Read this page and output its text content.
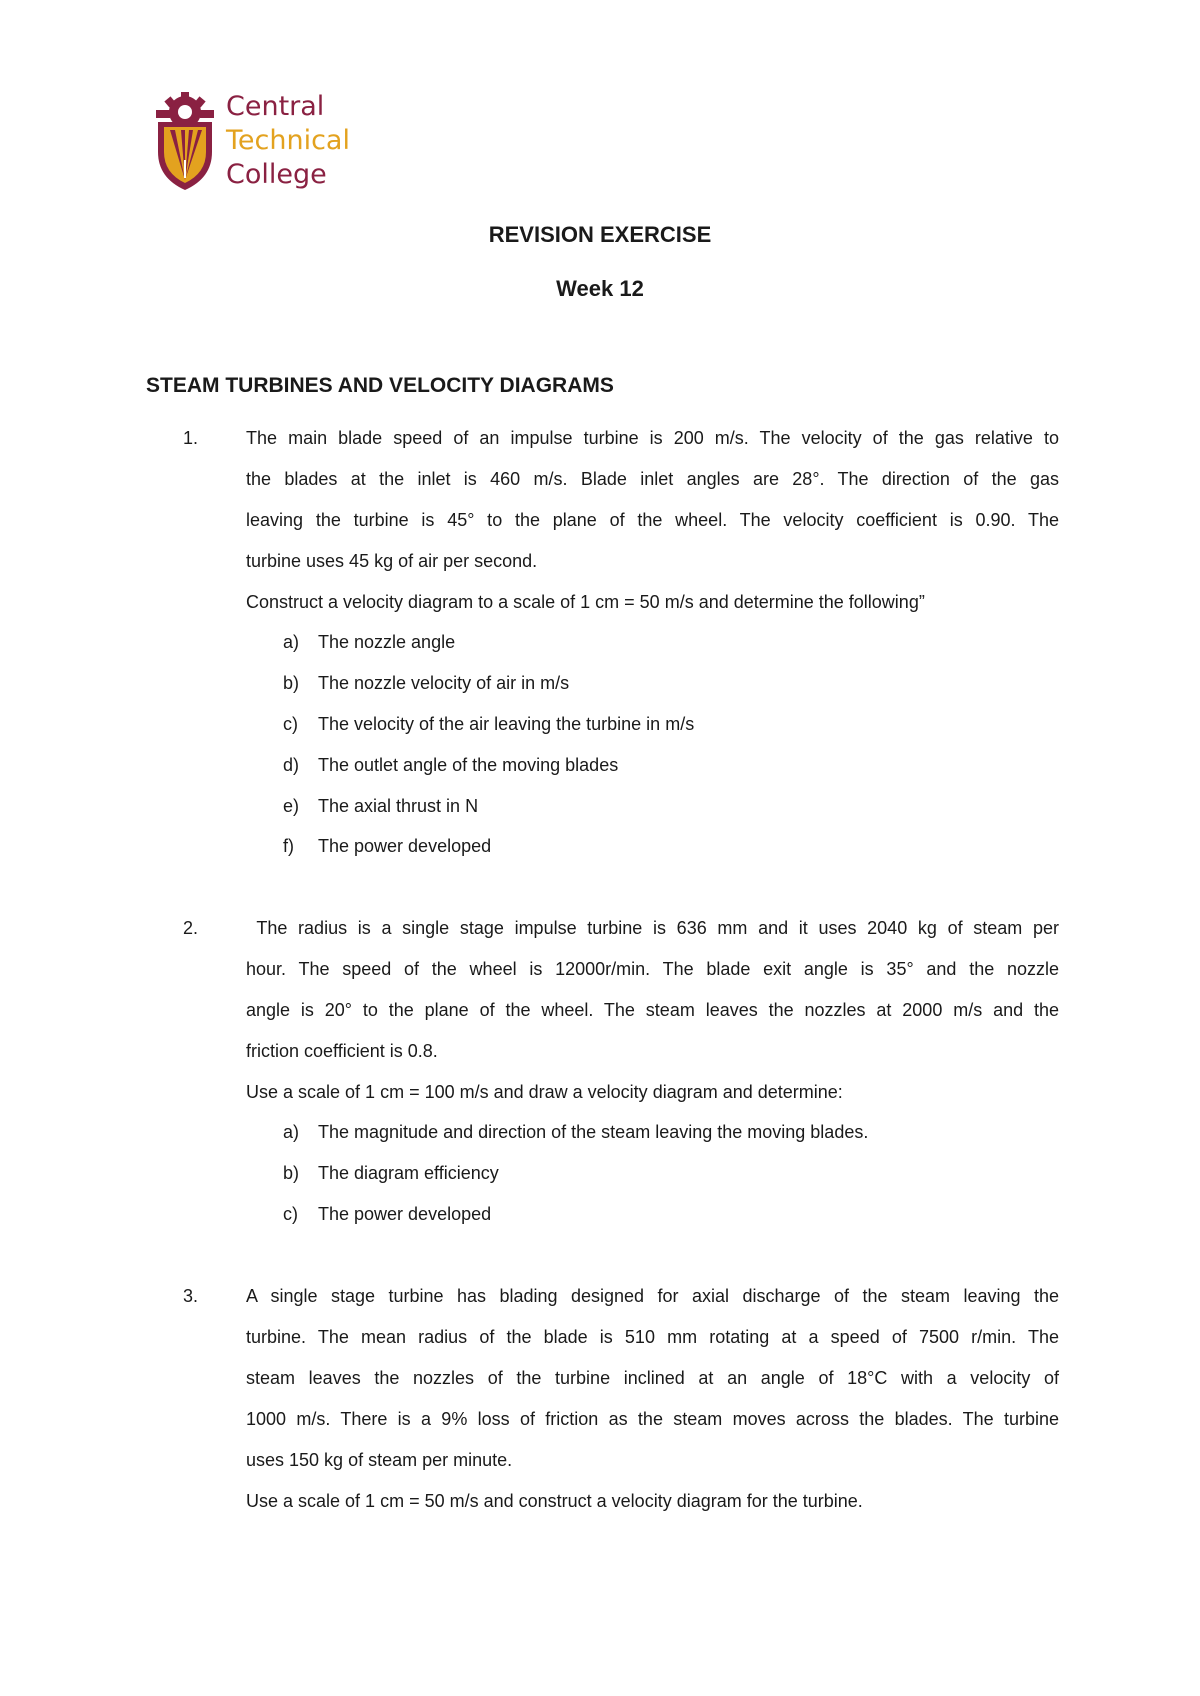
Central
Technical
College
REVISION EXERCISE
Week 12
STEAM TURBINES AND VELOCITY DIAGRAMS
1.	The main blade speed of an impulse turbine is 200 m/s. The velocity of the gas relative to
the blades at the inlet is 460 m/s. Blade inlet angles are 28°. The direction of the gas
leaving the turbine is 45° to the plane of the wheel. The velocity coefficient is 0.90. The
turbine uses 45 kg of air per second.
Construct a velocity diagram to a scale of 1 cm = 50 m/s and determine the following”
a) The nozzle angle
b) The nozzle velocity of air in m/s
c) The velocity of the air leaving the turbine in m/s
d) The outlet angle of the moving blades
e) The axial thrust in N
f) The power developed
2.	The radius is a single stage impulse turbine is 636 mm and it uses 2040 kg of steam per
hour. The speed of the wheel is 12000r/min. The blade exit angle is 35° and the nozzle
angle is 20° to the plane of the wheel. The steam leaves the nozzles at 2000 m/s and the
friction coefficient is 0.8.
Use a scale of 1 cm = 100 m/s and draw a velocity diagram and determine:
a) The magnitude and direction of the steam leaving the moving blades.
b) The diagram efficiency
c) The power developed
3.	A single stage turbine has blading designed for axial discharge of the steam leaving the
turbine. The mean radius of the blade is 510 mm rotating at a speed of 7500 r/min. The
steam leaves the nozzles of the turbine inclined at an angle of 18°C with a velocity of
1000 m/s. There is a 9% loss of friction as the steam moves across the blades. The turbine
uses 150 kg of steam per minute.
Use a scale of 1 cm = 50 m/s and construct a velocity diagram for the turbine.
